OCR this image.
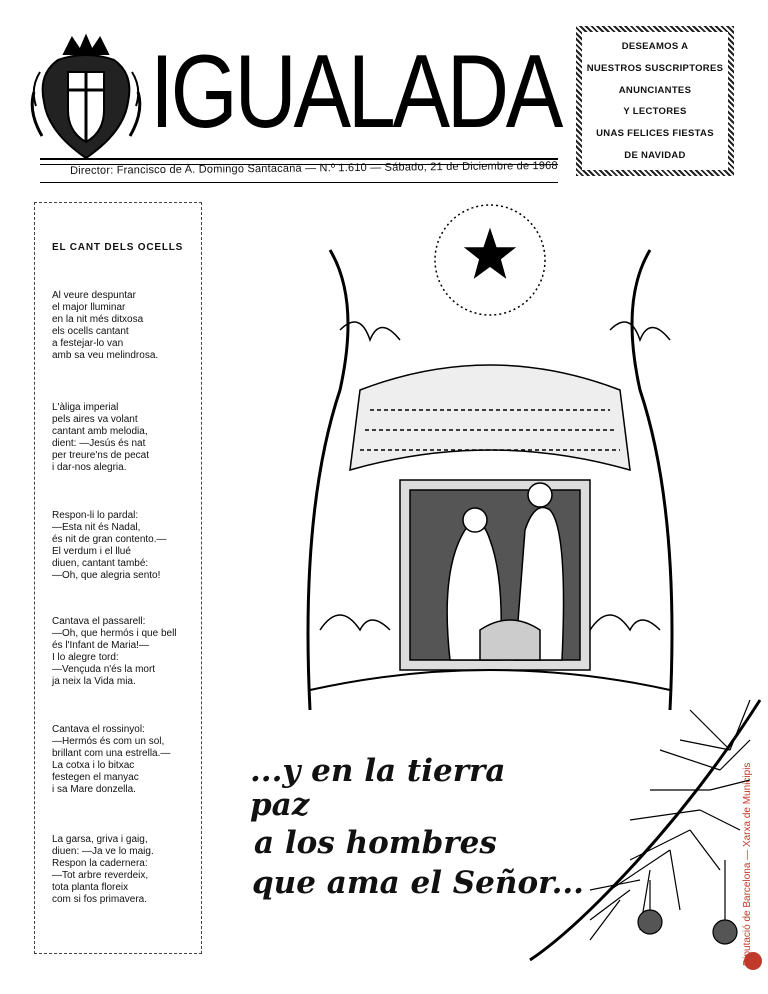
IGUALADA
Director: Francisco de A. Domingo Santacana — N.º 1.610 — Sábado, 21 de Diciembre de 1968
DESEAMOS A
NUESTROS SUSCRIPTORES
ANUNCIANTES
Y LECTORES
UNAS FELICES FIESTAS
DE NAVIDAD
EL CANT DELS OCELLS
Al veure despuntar
el major lluminar
en la nit més ditxosa
els ocells cantant
a festejar-lo van
amb sa veu melindrosa.
L'àliga imperial
pels aires va volant
cantant amb melodia,
dient: —Jesús és nat
per treure'ns de pecat
i dar-nos alegria.
Respon-li lo pardal:
—Esta nit és Nadal,
és nit de gran contento.—
El verdum i el llué
diuen, cantant també:
—Oh, que alegria sento!
Cantava el passarell:
—Oh, que hermós i que bell
és l'Infant de Maria!—
I lo alegre tord:
—Vençuda n'és la mort
ja neix la Vida mia.
Cantava el rossinyol:
—Hermós és com un sol,
brillant com una estrella.—
La cotxa i lo bitxac
festegen el manyac
i sa Mare donzella.
La garsa, griva i gaig,
diuen: —Ja ve lo maig.
Respon la cadernera:
—Tot arbre reverdeix,
tota planta floreix
com si fos primavera.
...y en la tierra
paz
a los hombres
que ama el Señor...	Diputació de Barcelona — Xarxa de Municipis
